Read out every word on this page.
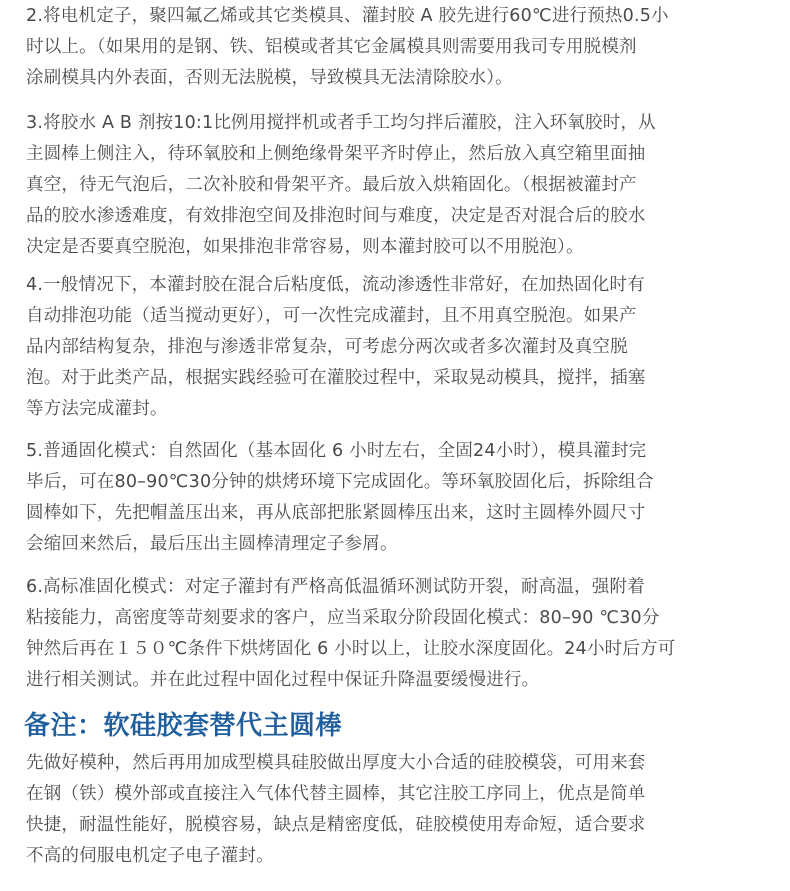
2.将电机定子，聚四氟乙烯或其它类模具、灌封胶 A 胶先进行60℃进行预热0.5小
时以上。（如果用的是钢、铁、铝模或者其它金属模具则需要用我司专用脱模剂
涂刷模具内外表面，否则无法脱模，导致模具无法清除胶水）。
3.将胶水 A B 剂按10:1比例用搅拌机或者手工均匀拌后灌胶，注入环氧胶时，从
主圆棒上侧注入，待环氧胶和上侧绝缘骨架平齐时停止，然后放入真空箱里面抽
真空，待无气泡后，二次补胶和骨架平齐。最后放入烘箱固化。（根据被灌封产
品的胶水渗透难度，有效排泡空间及排泡时间与难度，决定是否对混合后的胶水
决定是否要真空脱泡，如果排泡非常容易，则本灌封胶可以不用脱泡）。
4.一般情况下，本灌封胶在混合后粘度低，流动渗透性非常好，在加热固化时有
自动排泡功能（适当搅动更好），可一次性完成灌封，且不用真空脱泡。如果产
品内部结构复杂，排泡与渗透非常复杂，可考虑分两次或者多次灌封及真空脱
泡。对于此类产品，根据实践经验可在灌胶过程中，采取晃动模具，搅拌，插塞
等方法完成灌封。
5.普通固化模式：自然固化（基本固化 6 小时左右，全固24小时），模具灌封完
毕后，可在80–90℃30分钟的烘烤环境下完成固化。等环氧胶固化后，拆除组合
圆棒如下，先把帽盖压出来，再从底部把胀紧圆棒压出来，这时主圆棒外圆尺寸
会缩回来然后，最后压出主圆棒清理定子参屑。
6.高标准固化模式：对定子灌封有严格高低温循环测试防开裂，耐高温，强附着
粘接能力，高密度等苛刻要求的客户，应当采取分阶段固化模式：80–90 ℃30分
钟然后再在１５０℃条件下烘烤固化 6 小时以上，让胶水深度固化。24小时后方可
进行相关测试。并在此过程中固化过程中保证升降温要缓慢进行。
备注：软硅胶套替代主圆棒
先做好模种，然后再用加成型模具硅胶做出厚度大小合适的硅胶模袋，可用来套
在钢（铁）模外部或直接注入气体代替主圆棒，其它注胶工序同上，优点是简单
快捷，耐温性能好，脱模容易，缺点是精密度低，硅胶模使用寿命短，适合要求
不高的伺服电机定子电子灌封。
